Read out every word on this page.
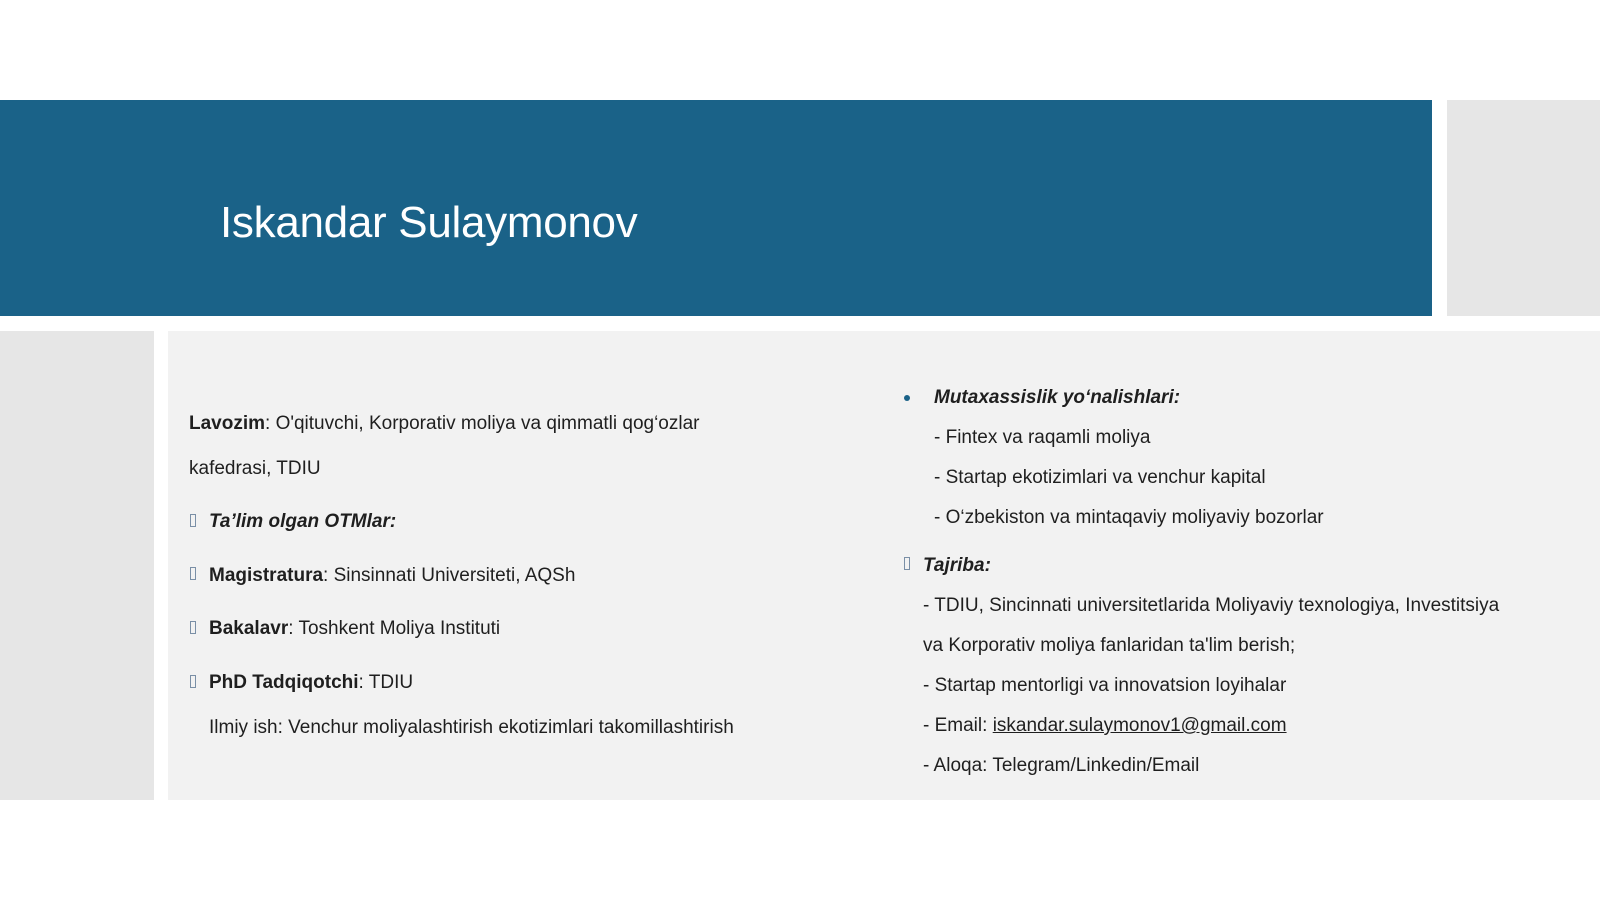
Iskandar Sulaymonov

Lavozim: O'qituvchi, Korporativ moliya va qimmatli qog‘ozlar

kafedrasi, TDIU

Ta’lim olgan OTMlar:

Magistratura: Sinsinnati Universiteti, AQSh

Bakalavr: Toshkent Moliya Instituti

PhD Tadqiqotchi: TDIU

Ilmiy ish: Venchur moliyalashtirish ekotizimlari takomillashtirish

Mutaxassislik yo‘nalishlari:

- Fintex va raqamli moliya

- Startap ekotizimlari va venchur kapital

- O‘zbekiston va mintaqaviy moliyaviy bozorlar

Tajriba:

- TDIU, Sincinnati universitetlarida Moliyaviy texnologiya, Investitsiya

va Korporativ moliya fanlaridan ta'lim berish;

- Startap mentorligi va innovatsion loyihalar

- Email: iskandar.sulaymonov1@gmail.com

- Aloqa: Telegram/Linkedin/Email
